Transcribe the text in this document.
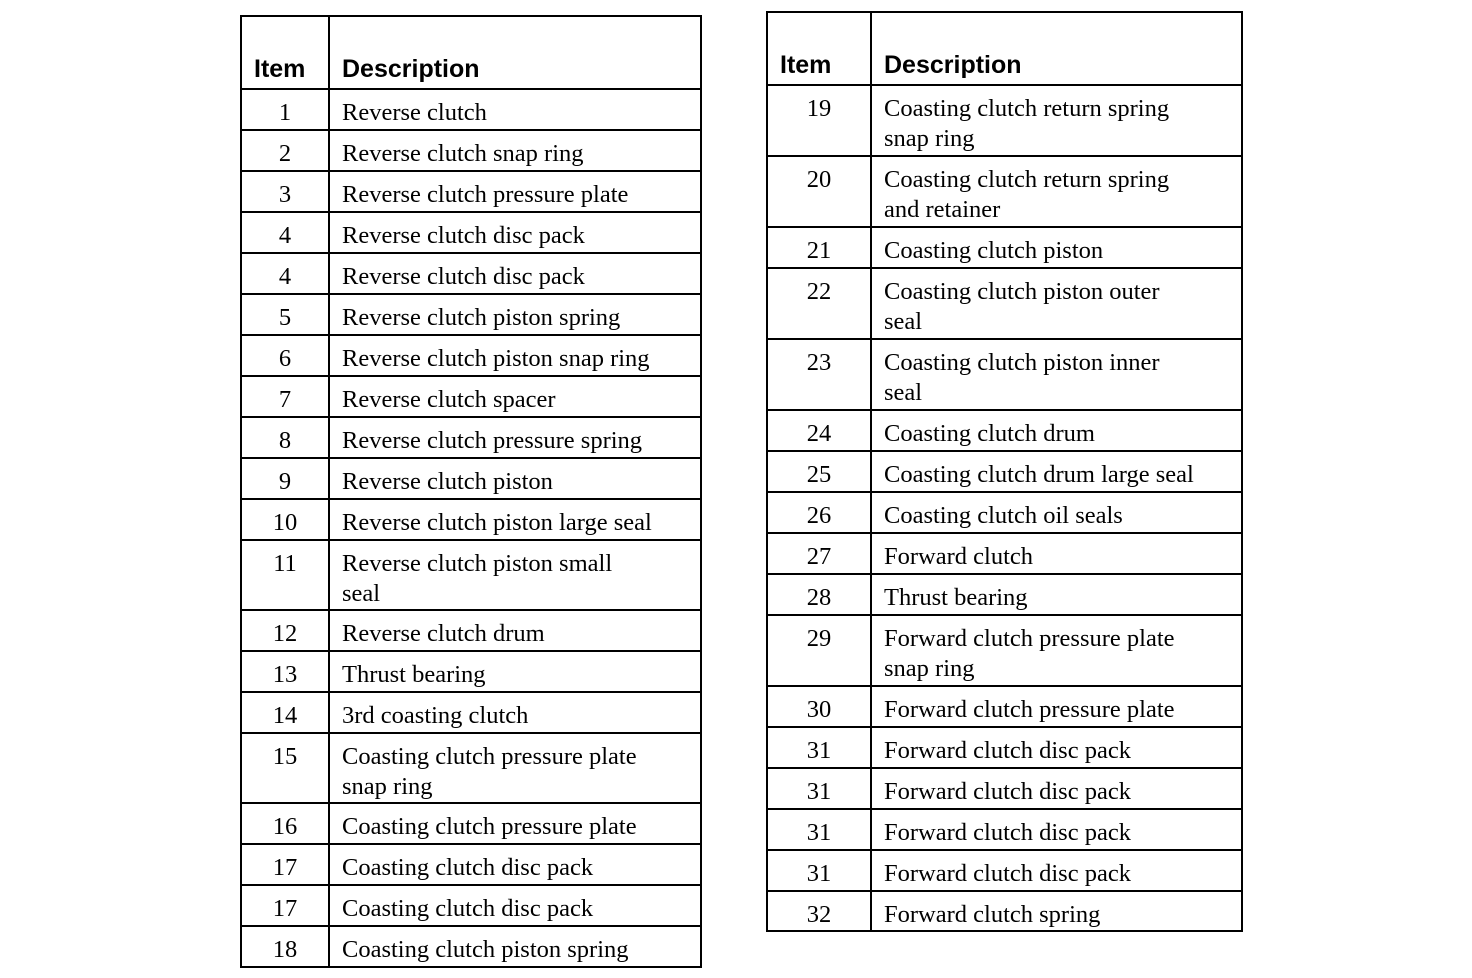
Item	Description
1	Reverse clutch
2	Reverse clutch snap ring
3	Reverse clutch pressure plate
4	Reverse clutch disc pack
4	Reverse clutch disc pack
5	Reverse clutch piston spring
6	Reverse clutch piston snap ring
7	Reverse clutch spacer
8	Reverse clutch pressure spring
9	Reverse clutch piston
10	Reverse clutch piston large seal
11	Reverse clutch piston small
seal
12	Reverse clutch drum
13	Thrust bearing
14	3rd coasting clutch
15	Coasting clutch pressure plate
snap ring
16	Coasting clutch pressure plate
17	Coasting clutch disc pack
17	Coasting clutch disc pack
18	Coasting clutch piston spring
Item	Description
19	Coasting clutch return spring
snap ring
20	Coasting clutch return spring
and retainer
21	Coasting clutch piston
22	Coasting clutch piston outer
seal
23	Coasting clutch piston inner
seal
24	Coasting clutch drum
25	Coasting clutch drum large seal
26	Coasting clutch oil seals
27	Forward clutch
28	Thrust bearing
29	Forward clutch pressure plate
snap ring
30	Forward clutch pressure plate
31	Forward clutch disc pack
31	Forward clutch disc pack
31	Forward clutch disc pack
31	Forward clutch disc pack
32	Forward clutch spring
